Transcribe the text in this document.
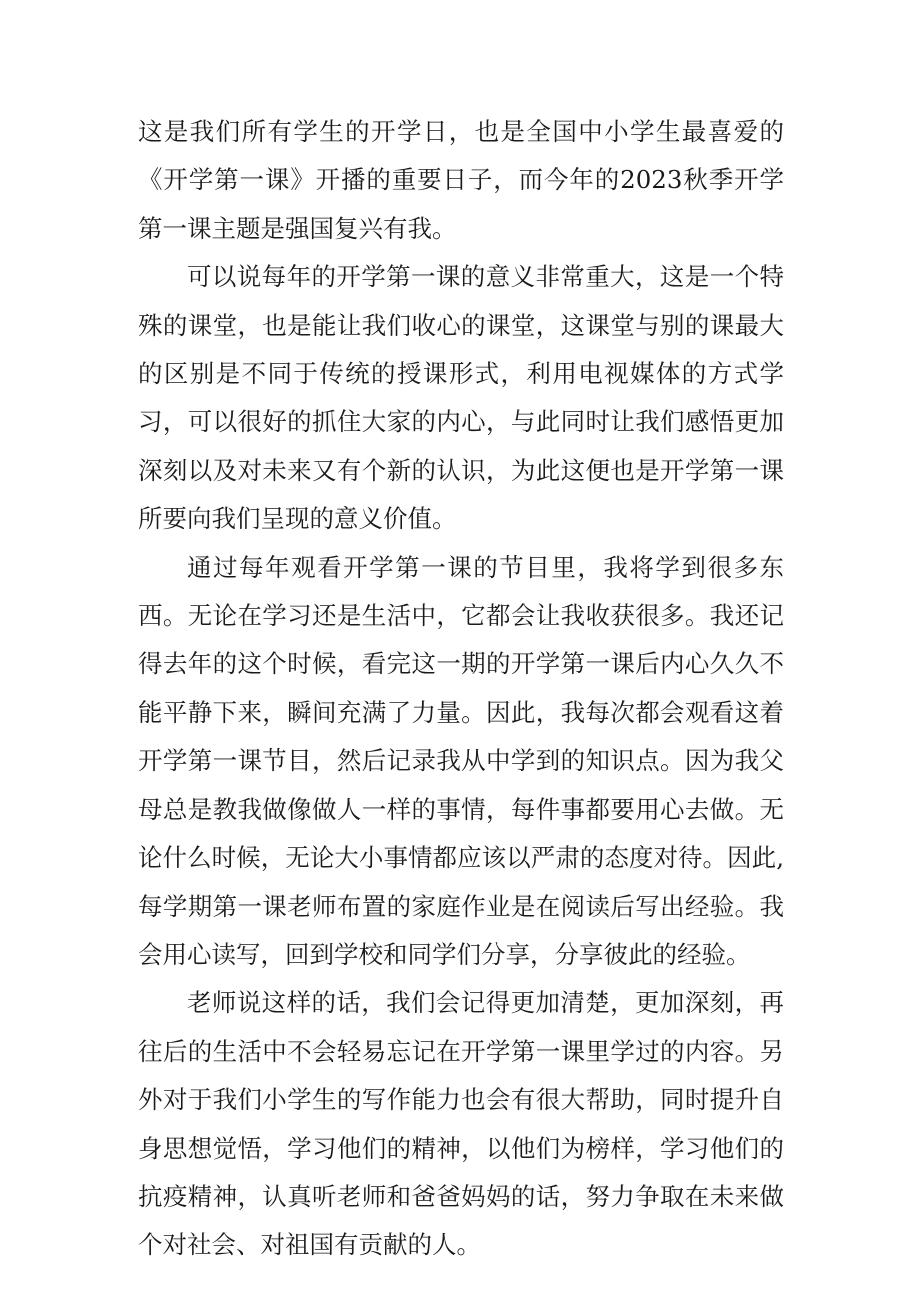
这是我们所有学生的开学日，也是全国中小学生最喜爱的《开学第一课》开播的重要日子，而今年的2023秋季开学第一课主题是强国复兴有我。

可以说每年的开学第一课的意义非常重大，这是一个特殊的课堂，也是能让我们收心的课堂，这课堂与别的课最大的区别是不同于传统的授课形式，利用电视媒体的方式学习，可以很好的抓住大家的内心，与此同时让我们感悟更加深刻以及对未来又有个新的认识，为此这便也是开学第一课所要向我们呈现的意义价值。

通过每年观看开学第一课的节目里，我将学到很多东西。无论在学习还是生活中，它都会让我收获很多。我还记得去年的这个时候，看完这一期的开学第一课后内心久久不能平静下来，瞬间充满了力量。因此，我每次都会观看这着开学第一课节目，然后记录我从中学到的知识点。因为我父母总是教我做像做人一样的事情，每件事都要用心去做。无论什么时候，无论大小事情都应该以严肃的态度对待。因此,每学期第一课老师布置的家庭作业是在阅读后写出经验。我会用心读写，回到学校和同学们分享，分享彼此的经验。

老师说这样的话，我们会记得更加清楚，更加深刻，再往后的生活中不会轻易忘记在开学第一课里学过的内容。另外对于我们小学生的写作能力也会有很大帮助，同时提升自身思想觉悟，学习他们的精神，以他们为榜样，学习他们的抗疫精神，认真听老师和爸爸妈妈的话，努力争取在未来做个对社会、对祖国有贡献的人。
